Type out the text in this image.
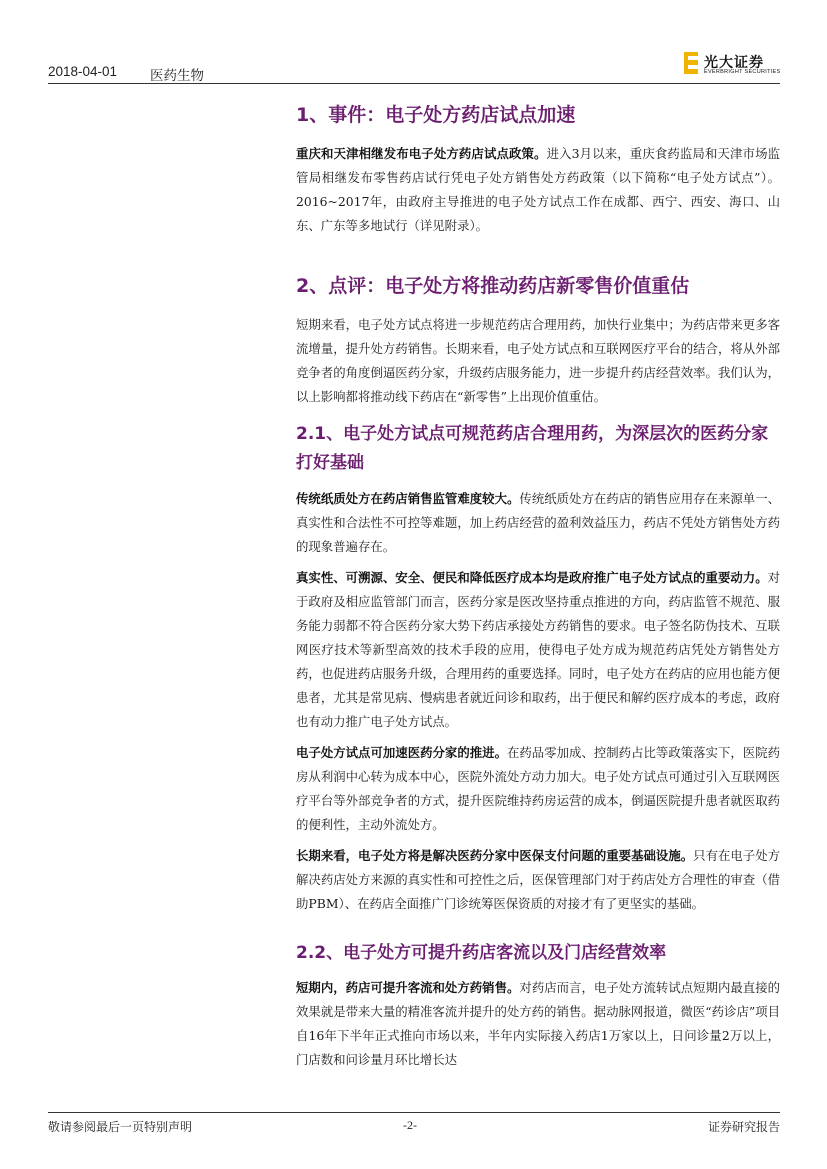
2018-04-01 医药生物
光大证券
EVERBRIGHT SECURITIES
1、事件：电子处方药店试点加速

重庆和天津相继发布电子处方药店试点政策。进入3月以来，重庆食药监局和天津市场监管局相继发布零售药店试行凭电子处方销售处方药政策（以下简称“电子处方试点”）。2016~2017年，由政府主导推进的电子处方试点工作在成都、西宁、西安、海口、山东、广东等多地试行（详见附录）。

2、点评：电子处方将推动药店新零售价值重估

短期来看，电子处方试点将进一步规范药店合理用药，加快行业集中；为药店带来更多客流增量，提升处方药销售。长期来看，电子处方试点和互联网医疗平台的结合，将从外部竞争者的角度倒逼医药分家，升级药店服务能力，进一步提升药店经营效率。我们认为，以上影响都将推动线下药店在“新零售”上出现价值重估。

2.1、电子处方试点可规范药店合理用药，为深层次的医药分家打好基础

传统纸质处方在药店销售监管难度较大。传统纸质处方在药店的销售应用存在来源单一、真实性和合法性不可控等难题，加上药店经营的盈利效益压力，药店不凭处方销售处方药的现象普遍存在。

真实性、可溯源、安全、便民和降低医疗成本均是政府推广电子处方试点的重要动力。对于政府及相应监管部门而言，医药分家是医改坚持重点推进的方向，药店监管不规范、服务能力弱都不符合医药分家大势下药店承接处方药销售的要求。电子签名防伪技术、互联网医疗技术等新型高效的技术手段的应用，使得电子处方成为规范药店凭处方销售处方药，也促进药店服务升级，合理用药的重要选择。同时，电子处方在药店的应用也能方便患者，尤其是常见病、慢病患者就近问诊和取药，出于便民和解约医疗成本的考虑，政府也有动力推广电子处方试点。

电子处方试点可加速医药分家的推进。在药品零加成、控制药占比等政策落实下，医院药房从利润中心转为成本中心，医院外流处方动力加大。电子处方试点可通过引入互联网医疗平台等外部竞争者的方式，提升医院维持药房运营的成本，倒逼医院提升患者就医取药的便利性，主动外流处方。

长期来看，电子处方将是解决医药分家中医保支付问题的重要基础设施。只有在电子处方解决药店处方来源的真实性和可控性之后，医保管理部门对于药店处方合理性的审查（借助PBM）、在药店全面推广门诊统筹医保资质的对接才有了更坚实的基础。

2.2、电子处方可提升药店客流以及门店经营效率

短期内，药店可提升客流和处方药销售。对药店而言，电子处方流转试点短期内最直接的效果就是带来大量的精准客流并提升的处方药的销售。据动脉网报道，微医“药诊店”项目自16年下半年正式推向市场以来，半年内实际接入药店1万家以上，日问诊量2万以上，门店数和问诊量月环比增长达

敬请参阅最后一页特别声明	-2-	证券研究报告
